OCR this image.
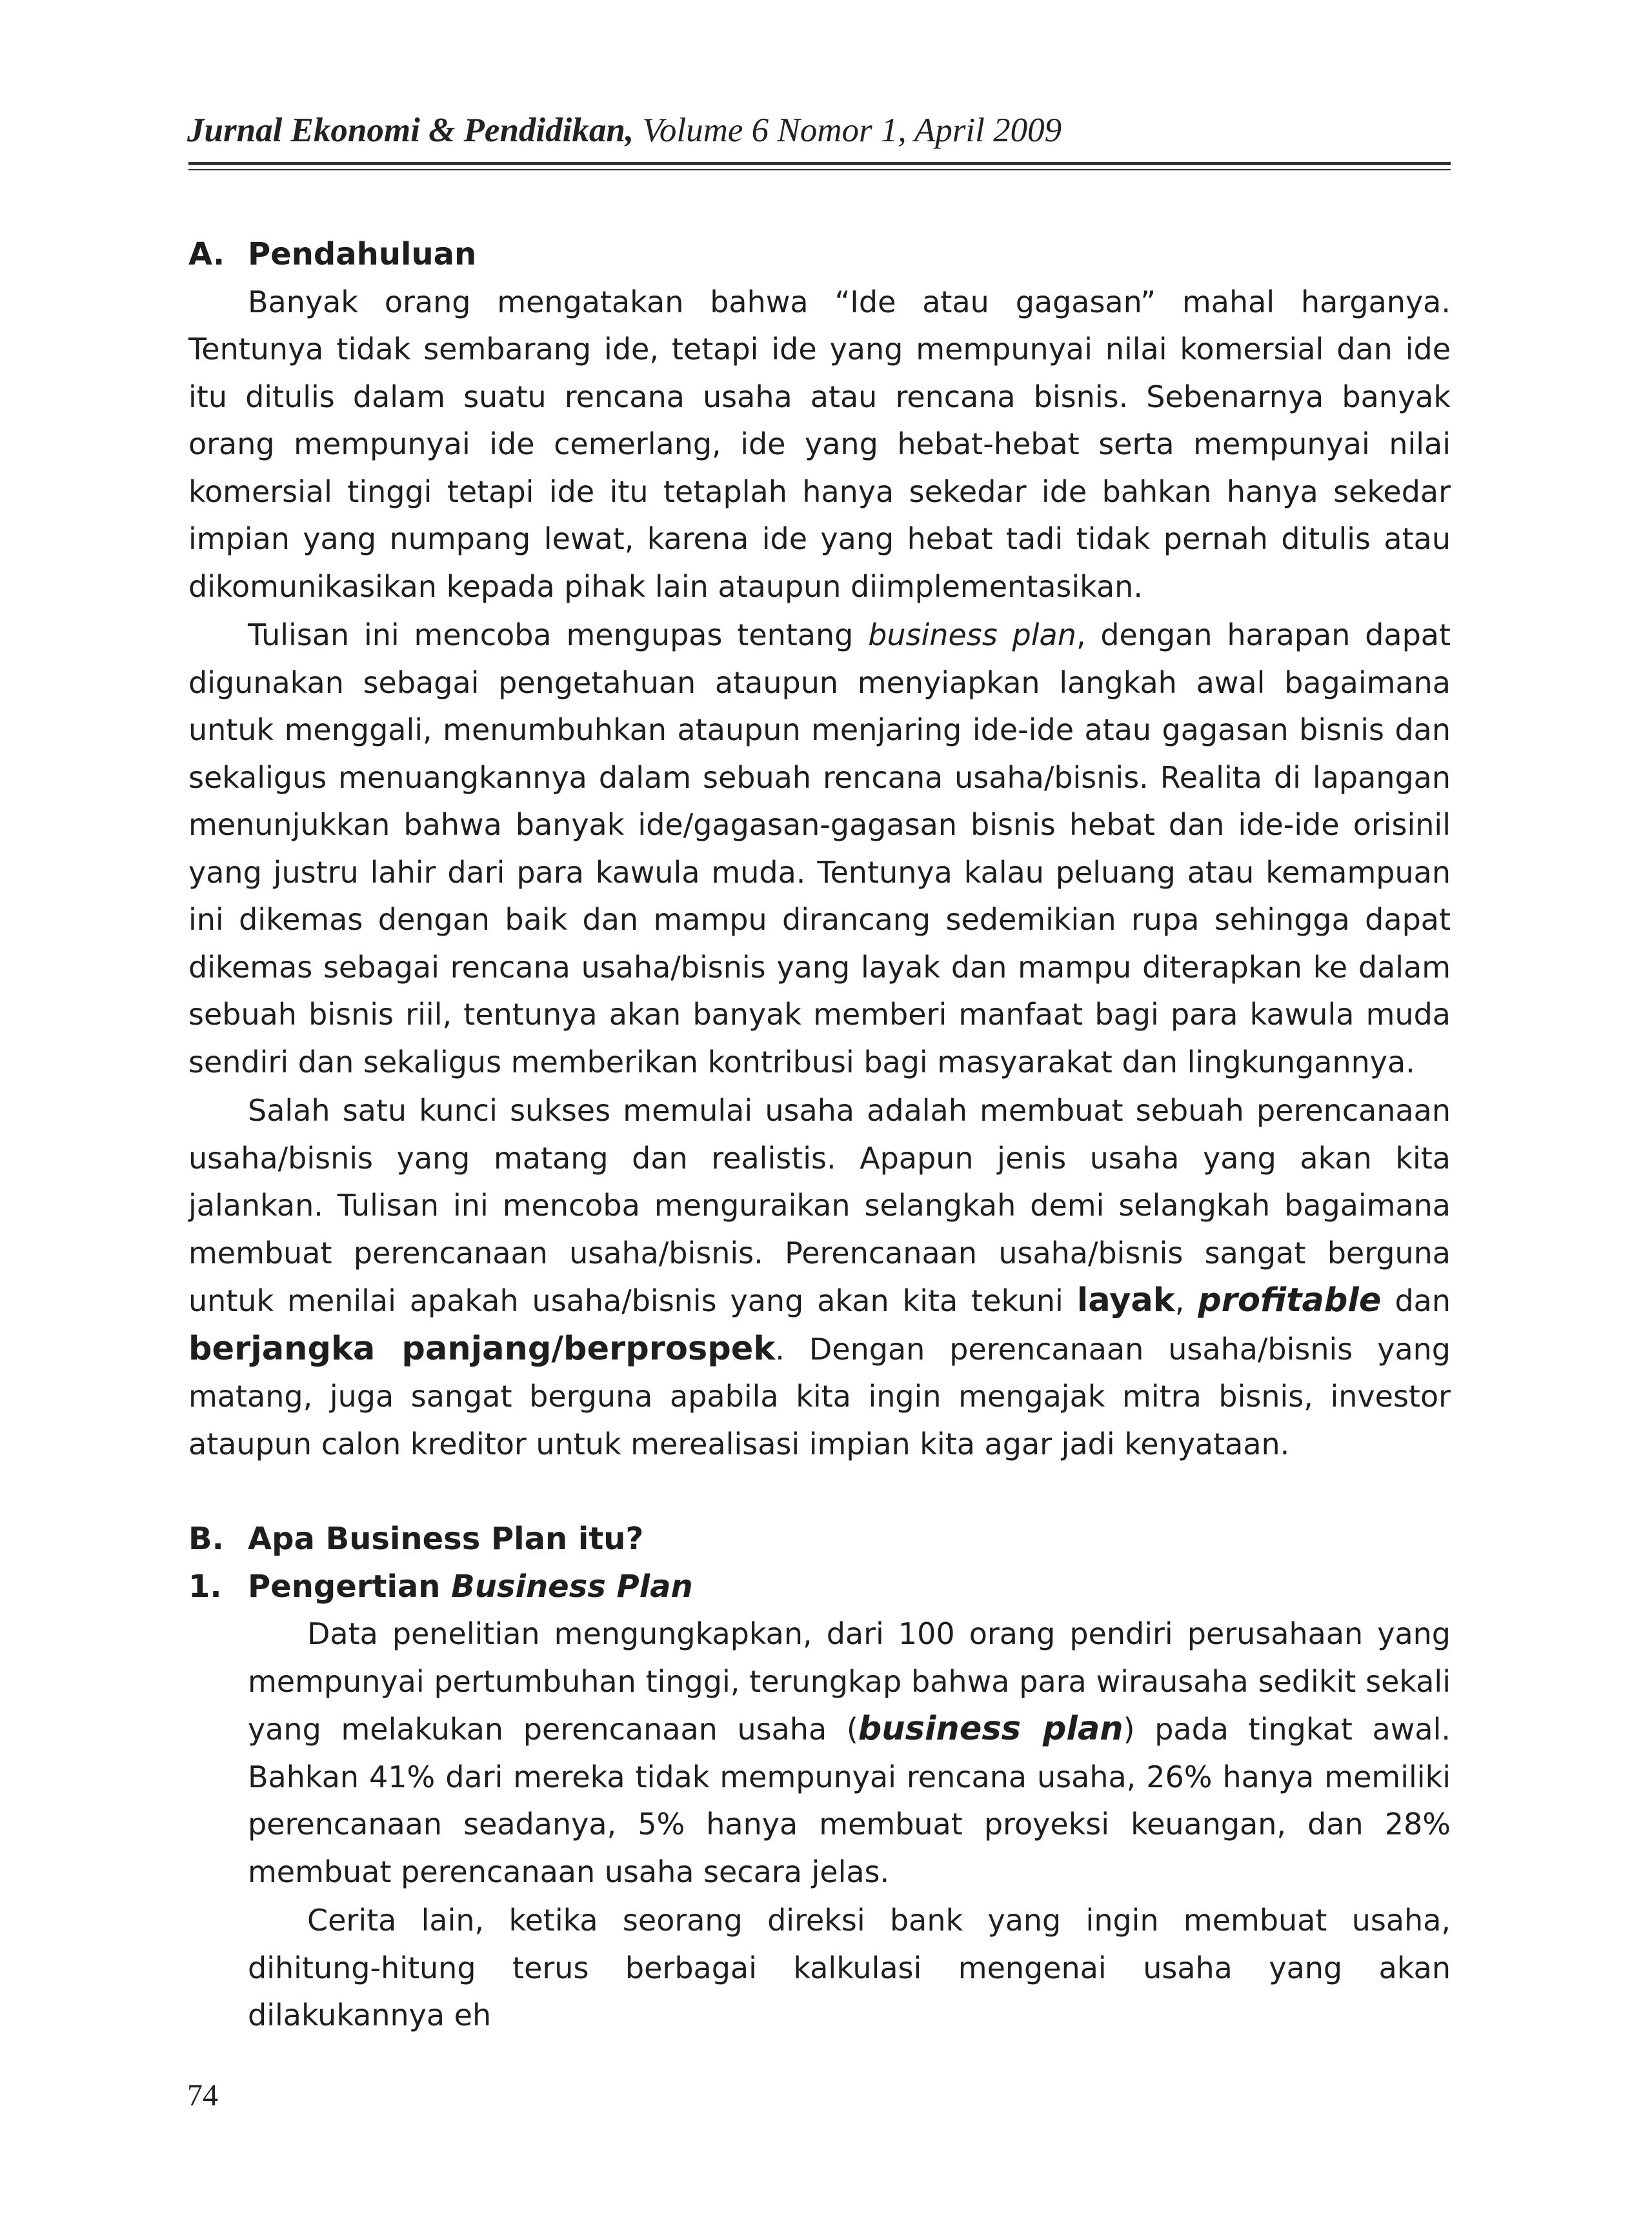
Jurnal Ekonomi & Pendidikan, Volume 6 Nomor 1, April 2009
A. Pendahuluan

Banyak orang mengatakan bahwa “Ide atau gagasan” mahal harganya. Tentunya tidak sembarang ide, tetapi ide yang mempunyai nilai komersial dan ide itu ditulis dalam suatu rencana usaha atau rencana bisnis. Sebenarnya banyak orang mempunyai ide cemerlang, ide yang hebat-hebat serta mempunyai nilai komersial tinggi tetapi ide itu tetaplah hanya sekedar ide bahkan hanya sekedar impian yang numpang lewat, karena ide yang hebat tadi tidak pernah ditulis atau dikomunikasikan kepada pihak lain ataupun diimplementasikan.

Tulisan ini mencoba mengupas tentang business plan, dengan harapan dapat digunakan sebagai pengetahuan ataupun menyiapkan langkah awal bagaimana untuk menggali, menumbuhkan ataupun menjaring ide-ide atau gagasan bisnis dan sekaligus menuangkannya dalam sebuah rencana usaha/bisnis. Realita di lapangan menunjukkan bahwa banyak ide/gagasan-gagasan bisnis hebat dan ide-ide orisinil yang justru lahir dari para kawula muda. Tentunya kalau peluang atau kemampuan ini dikemas dengan baik dan mampu dirancang sedemikian rupa sehingga dapat dikemas sebagai rencana usaha/bisnis yang layak dan mampu diterapkan ke dalam sebuah bisnis riil, tentunya akan banyak memberi manfaat bagi para kawula muda sendiri dan sekaligus memberikan kontribusi bagi masyarakat dan lingkungannya.

Salah satu kunci sukses memulai usaha adalah membuat sebuah perencanaan usaha/bisnis yang matang dan realistis. Apapun jenis usaha yang akan kita jalankan. Tulisan ini mencoba menguraikan selangkah demi selangkah bagaimana membuat perencanaan usaha/bisnis. Perencanaan usaha/bisnis sangat berguna untuk menilai apakah usaha/bisnis yang akan kita tekuni layak, profitable dan berjangka panjang/berprospek. Dengan perencanaan usaha/bisnis yang matang, juga sangat berguna apabila kita ingin mengajak mitra bisnis, investor ataupun calon kreditor untuk merealisasi impian kita agar jadi kenyataan.

B. Apa Business Plan itu?
1. Pengertian Business Plan

Data penelitian mengungkapkan, dari 100 orang pendiri perusahaan yang mempunyai pertumbuhan tinggi, terungkap bahwa para wirausaha sedikit sekali yang melakukan perencanaan usaha (business plan) pada tingkat awal. Bahkan 41% dari mereka tidak mempunyai rencana usaha, 26% hanya memiliki perencanaan seadanya, 5% hanya membuat proyeksi keuangan, dan 28% membuat perencanaan usaha secara jelas.

Cerita lain, ketika seorang direksi bank yang ingin membuat usaha, dihitung-hitung terus berbagai kalkulasi mengenai usaha yang akan dilakukannya eh

74
